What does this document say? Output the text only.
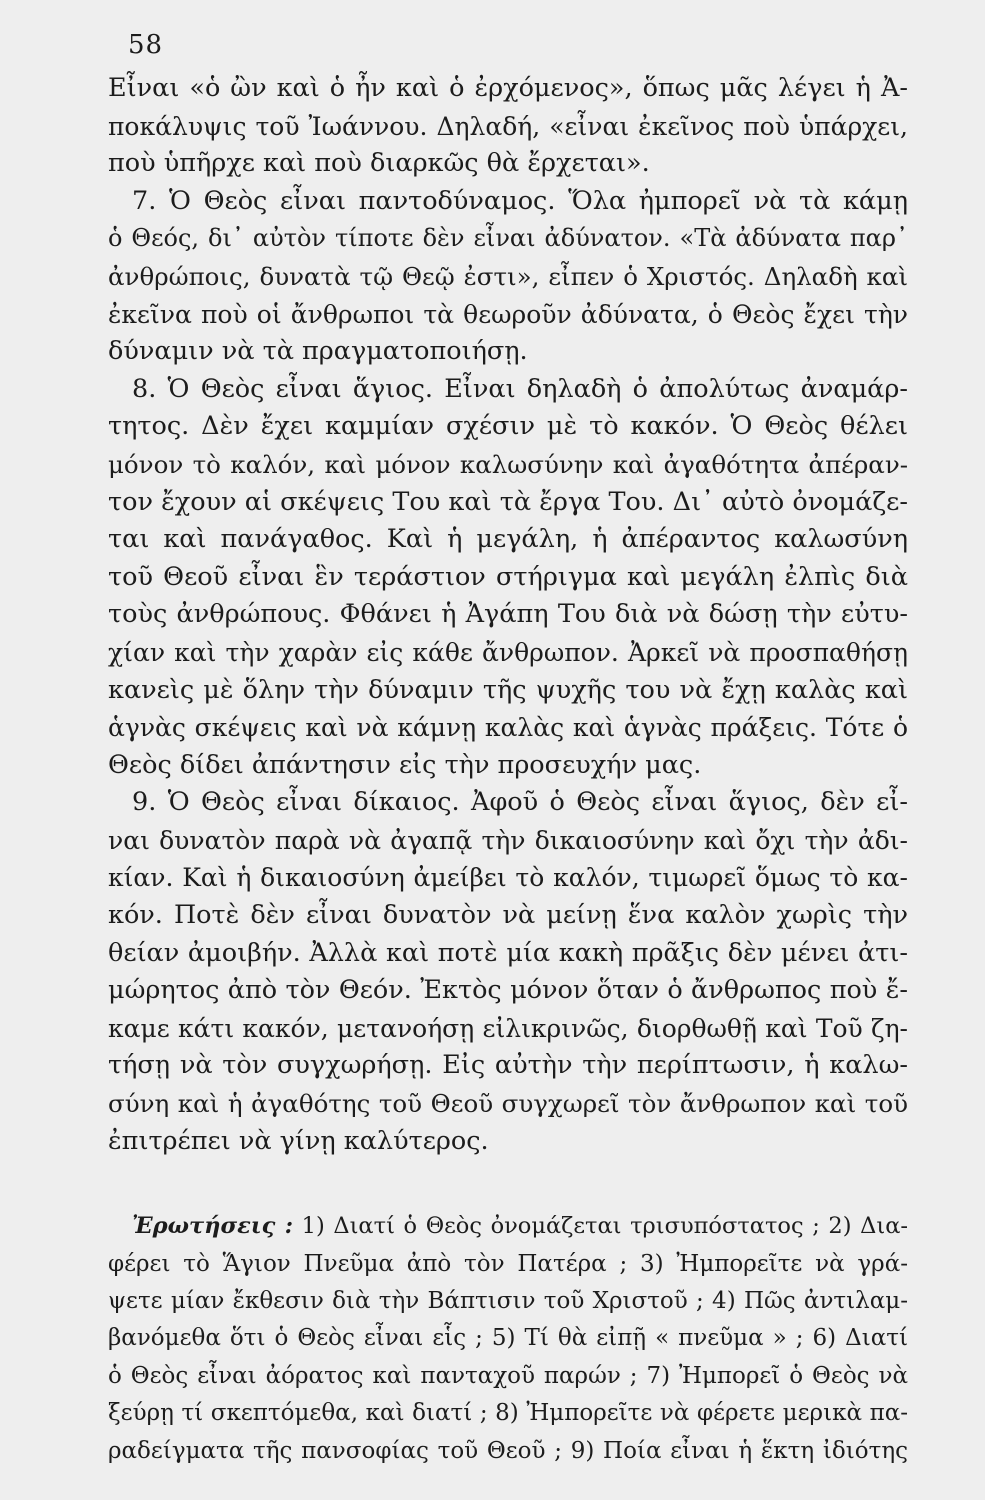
58
Εἶναι «ὁ ὢν καὶ ὁ ἦν καὶ ὁ ἐρχόμενος», ὅπως μᾶς λέγει ἡ Ἀ-
ποκάλυψις τοῦ Ἰωάννου. Δηλαδή, «εἶναι ἐκεῖνος ποὺ ὑπάρχει,
ποὺ ὑπῆρχε καὶ ποὺ διαρκῶς θὰ ἔρχεται».
7. Ὁ Θεὸς εἶναι παντοδύναμος. Ὅλα ἠμπορεῖ νὰ τὰ κάμῃ
ὁ Θεός, δι᾽ αὐτὸν τίποτε δὲν εἶναι ἀδύνατον. «Τὰ ἀδύνατα παρ᾽
ἀνθρώποις, δυνατὰ τῷ Θεῷ ἐστι», εἶπεν ὁ Χριστός. Δηλαδὴ καὶ
ἐκεῖνα ποὺ οἱ ἄνθρωποι τὰ θεωροῦν ἀδύνατα, ὁ Θεὸς ἔχει τὴν
δύναμιν νὰ τὰ πραγματοποιήσῃ.
8. Ὁ Θεὸς εἶναι ἅγιος. Εἶναι δηλαδὴ ὁ ἀπολύτως ἀναμάρ-
τητος. Δὲν ἔχει καμμίαν σχέσιν μὲ τὸ κακόν. Ὁ Θεὸς θέλει
μόνον τὸ καλόν, καὶ μόνον καλωσύνην καὶ ἀγαθότητα ἀπέραν-
τον ἔχουν αἱ σκέψεις Του καὶ τὰ ἔργα Του. Δι᾽ αὐτὸ ὀνομάζε-
ται καὶ πανάγαθος. Καὶ ἡ μεγάλη, ἡ ἀπέραντος καλωσύνη
τοῦ Θεοῦ εἶναι ἓν τεράστιον στήριγμα καὶ μεγάλη ἐλπὶς διὰ
τοὺς ἀνθρώπους. Φθάνει ἡ Ἀγάπη Του διὰ νὰ δώσῃ τὴν εὐτυ-
χίαν καὶ τὴν χαρὰν εἰς κάθε ἄνθρωπον. Ἀρκεῖ νὰ προσπαθήσῃ
κανεὶς μὲ ὅλην τὴν δύναμιν τῆς ψυχῆς του νὰ ἔχῃ καλὰς καὶ
ἁγνὰς σκέψεις καὶ νὰ κάμνῃ καλὰς καὶ ἁγνὰς πράξεις. Τότε ὁ
Θεὸς δίδει ἀπάντησιν εἰς τὴν προσευχήν μας.
9. Ὁ Θεὸς εἶναι δίκαιος. Ἀφοῦ ὁ Θεὸς εἶναι ἅγιος, δὲν εἶ-
ναι δυνατὸν παρὰ νὰ ἀγαπᾷ τὴν δικαιοσύνην καὶ ὄχι τὴν ἀδι-
κίαν. Καὶ ἡ δικαιοσύνη ἀμείβει τὸ καλόν, τιμωρεῖ ὅμως τὸ κα-
κόν. Ποτὲ δὲν εἶναι δυνατὸν νὰ μείνῃ ἕνα καλὸν χωρὶς τὴν
θείαν ἀμοιβήν. Ἀλλὰ καὶ ποτὲ μία κακὴ πρᾶξις δὲν μένει ἀτι-
μώρητος ἀπὸ τὸν Θεόν. Ἐκτὸς μόνον ὅταν ὁ ἄνθρωπος ποὺ ἔ-
καμε κάτι κακόν, μετανοήσῃ εἰλικρινῶς, διορθωθῇ καὶ Τοῦ ζη-
τήσῃ νὰ τὸν συγχωρήσῃ. Εἰς αὐτὴν τὴν περίπτωσιν, ἡ καλω-
σύνη καὶ ἡ ἀγαθότης τοῦ Θεοῦ συγχωρεῖ τὸν ἄνθρωπον καὶ τοῦ
ἐπιτρέπει νὰ γίνῃ καλύτερος.
Ἐρωτήσεις : 1) Διατί ὁ Θεὸς ὀνομάζεται τρισυπόστατος ; 2) Δια-
φέρει τὸ Ἅγιον Πνεῦμα ἀπὸ τὸν Πατέρα ; 3) Ἠμπορεῖτε νὰ γρά-
ψετε μίαν ἔκθεσιν διὰ τὴν Βάπτισιν τοῦ Χριστοῦ ; 4) Πῶς ἀντιλαμ-
βανόμεθα ὅτι ὁ Θεὸς εἶναι εἷς ; 5) Τί θὰ εἰπῇ « πνεῦμα » ; 6) Διατί
ὁ Θεὸς εἶναι ἀόρατος καὶ πανταχοῦ παρών ; 7) Ἠμπορεῖ ὁ Θεὸς νὰ
ξεύρῃ τί σκεπτόμεθα, καὶ διατί ; 8) Ἠμπορεῖτε νὰ φέρετε μερικὰ πα-
ραδείγματα τῆς πανσοφίας τοῦ Θεοῦ ; 9) Ποία εἶναι ἡ ἕκτη ἰδιότης
